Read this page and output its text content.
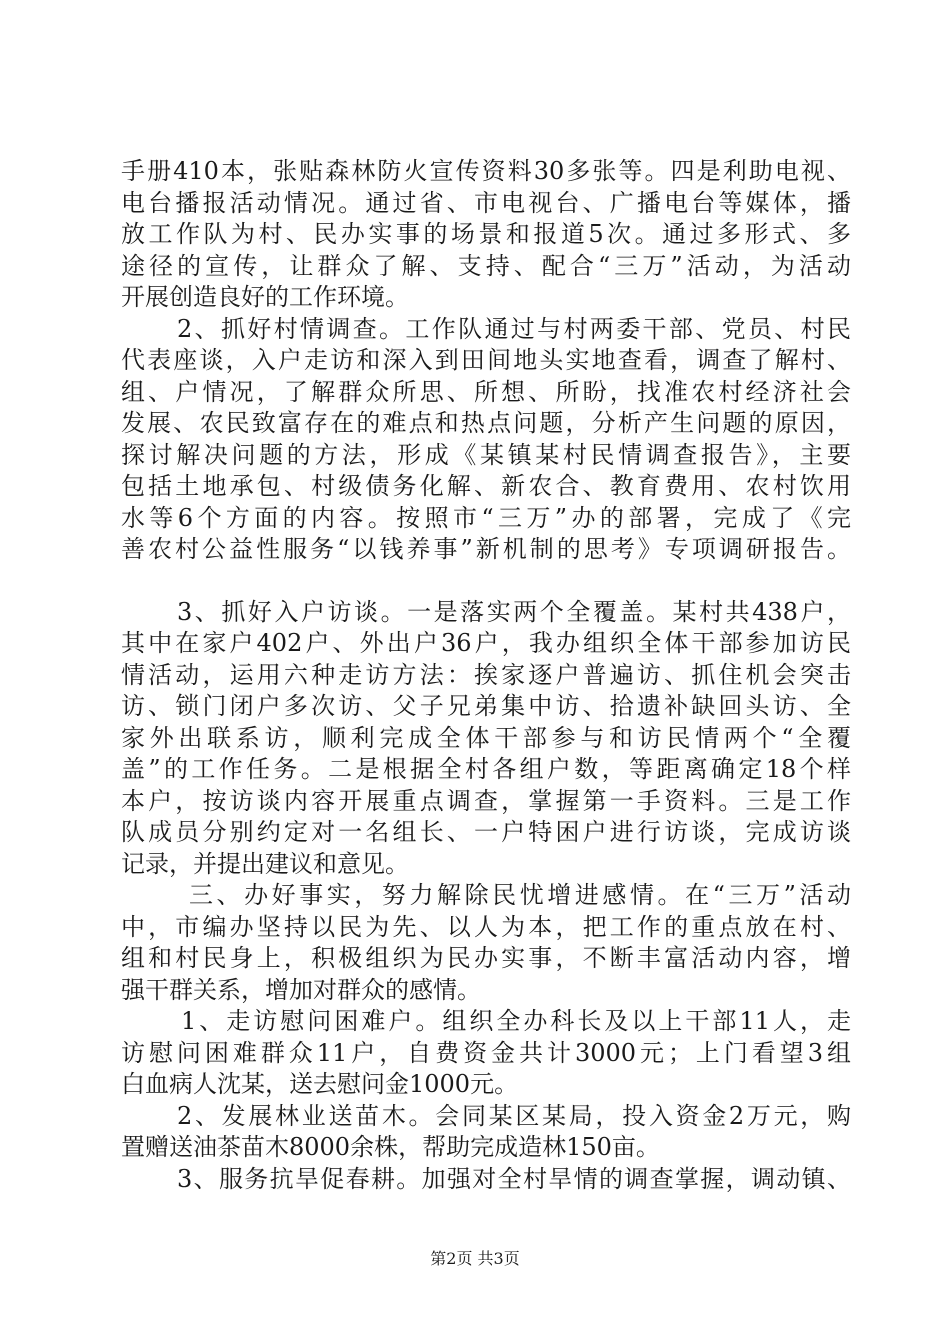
手册410本，张贴森林防火宣传资料30多张等。四是利助电视、
电台播报活动情况。通过省、市电视台、广播电台等媒体，播
放工作队为村、民办实事的场景和报道5次。通过多形式、多
途径的宣传，让群众了解、支持、配合“三万”活动，为活动
开展创造良好的工作环境。
2、抓好村情调查。工作队通过与村两委干部、党员、村民
代表座谈，入户走访和深入到田间地头实地查看，调查了解村、
组、户情况，了解群众所思、所想、所盼，找准农村经济社会
发展、农民致富存在的难点和热点问题，分析产生问题的原因，
探讨解决问题的方法，形成《某镇某村民情调查报告》，主要
包括土地承包、村级债务化解、新农合、教育费用、农村饮用
水等6个方面的内容。按照市“三万”办的部署，完成了《完
善农村公益性服务“以钱养事”新机制的思考》专项调研报告。
3、抓好入户访谈。一是落实两个全覆盖。某村共438户，
其中在家户402户、外出户36户，我办组织全体干部参加访民
情活动，运用六种走访方法：挨家逐户普遍访、抓住机会突击
访、锁门闭户多次访、父子兄弟集中访、拾遗补缺回头访、全
家外出联系访，顺利完成全体干部参与和访民情两个“全覆
盖”的工作任务。二是根据全村各组户数，等距离确定18个样
本户，按访谈内容开展重点调查，掌握第一手资料。三是工作
队成员分别约定对一名组长、一户特困户进行访谈，完成访谈
记录，并提出建议和意见。
三、办好事实，努力解除民忧增进感情。在“三万”活动
中，市编办坚持以民为先、以人为本，把工作的重点放在村、
组和村民身上，积极组织为民办实事，不断丰富活动内容，增
强干群关系，增加对群众的感情。
1、走访慰问困难户。组织全办科长及以上干部11人，走
访慰问困难群众11户，自费资金共计3000元；上门看望3组
白血病人沈某，送去慰问金1000元。
2、发展林业送苗木。会同某区某局，投入资金2万元，购
置赠送油茶苗木8000余株，帮助完成造林150亩。
3、服务抗旱促春耕。加强对全村旱情的调查掌握，调动镇、
第2页 共3页
